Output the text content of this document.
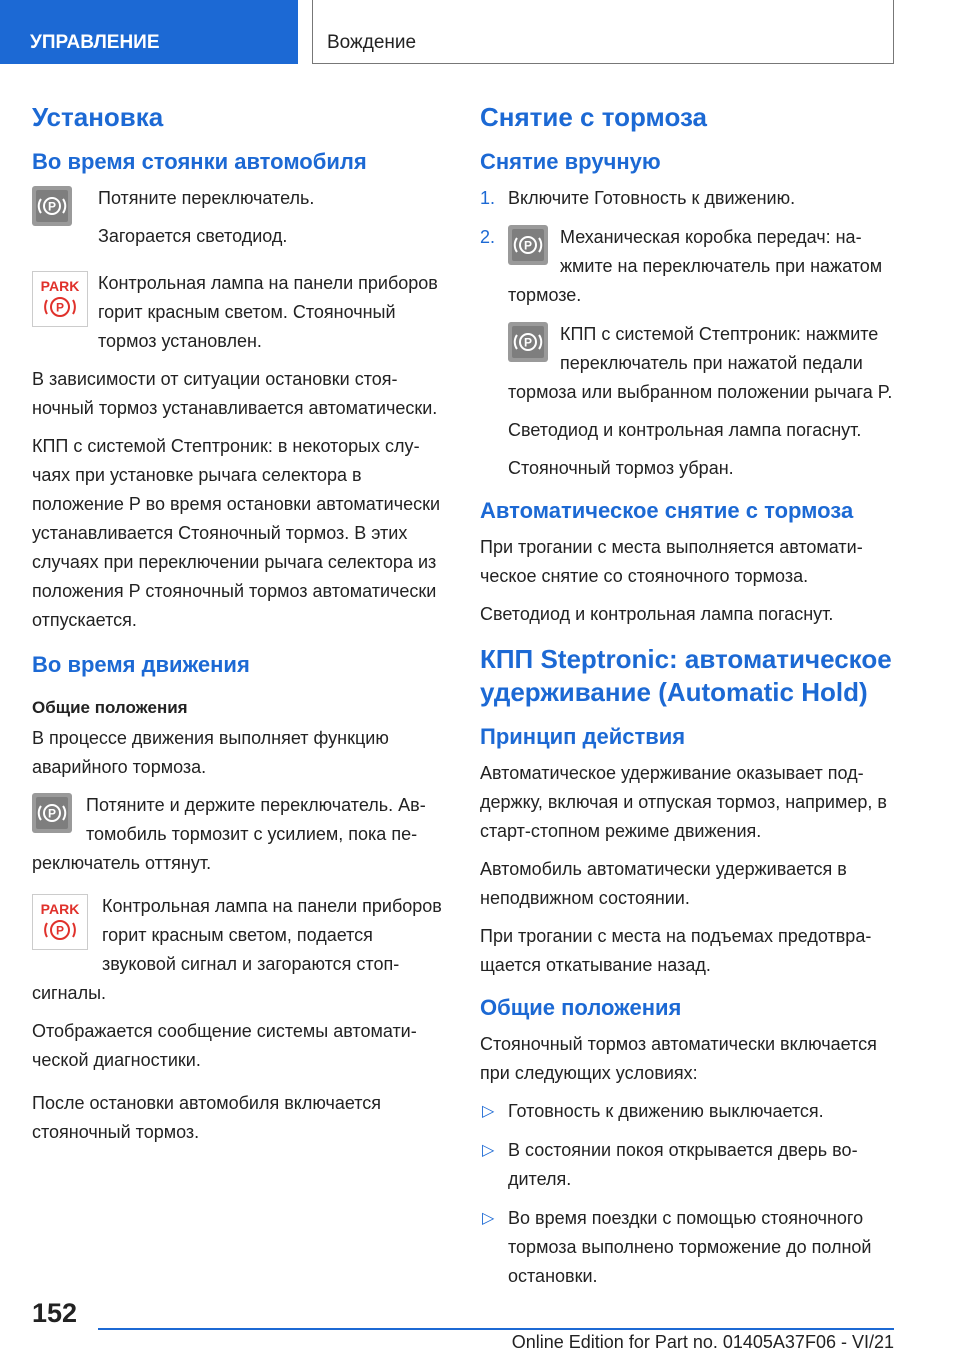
УПРАВЛЕНИЕ	Вождение
Установка
Во время стоянки автомобиля

Потяните переключатель.

Загорается светодиод.

Контрольная лампа на панели приборов горит красным светом. Стояночный тормоз установлен.

В зависимости от ситуации остановки стояночный тормоз устанавливается автоматически.

КПП с системой Стептроник: в некоторых случаях при установке рычага селектора в положение P во время остановки автоматически устанавливается Стояночный тормоз. В этих случаях при переключении рычага селектора из положения P стояночный тормоз автоматически отпускается.

Во время движения
Общие положения

В процессе движения выполняет функцию аварийного тормоза.

Потяните и держите переключатель. Автомобиль тормозит с усилием, пока переключатель оттянут.

Контрольная лампа на панели приборов горит красным светом, подается звуковой сигнал и загораются стоп-сигналы.

Отображается сообщение системы автоматической диагностики.

После остановки автомобиля включается стояночный тормоз.

Снятие с тормоза
Снятие вручную
1. Включите Готовность к движению.
2.	Механическая коробка передач: нажмите на переключатель при нажатом тормозе.

КПП с системой Стептроник: нажмите переключатель при нажатой педали тормоза или выбранном положении рычага P.

Светодиод и контрольная лампа погаснут.

Стояночный тормоз убран.

Автоматическое снятие с тормоза

При трогании с места выполняется автоматическое снятие со стояночного тормоза.

Светодиод и контрольная лампа погаснут.

КПП Steptronic: автоматическое удерживание (Automatic Hold)
Принцип действия

Автоматическое удерживание оказывает поддержку, включая и отпуская тормоз, например, в старт-стопном режиме движения.

Автомобиль автоматически удерживается в неподвижном состоянии.

При трогании с места на подъемах предотвращается откатывание назад.

Общие положения

Стояночный тормоз автоматически включается при следующих условиях:

▷ Готовность к движению выключается.
▷ В состоянии покоя открывается дверь водителя.
▷ Во время поездки с помощью стояночного тормоза выполнено торможение до полной остановки.
152
Online Edition for Part no. 01405A37F06 - VI/21
